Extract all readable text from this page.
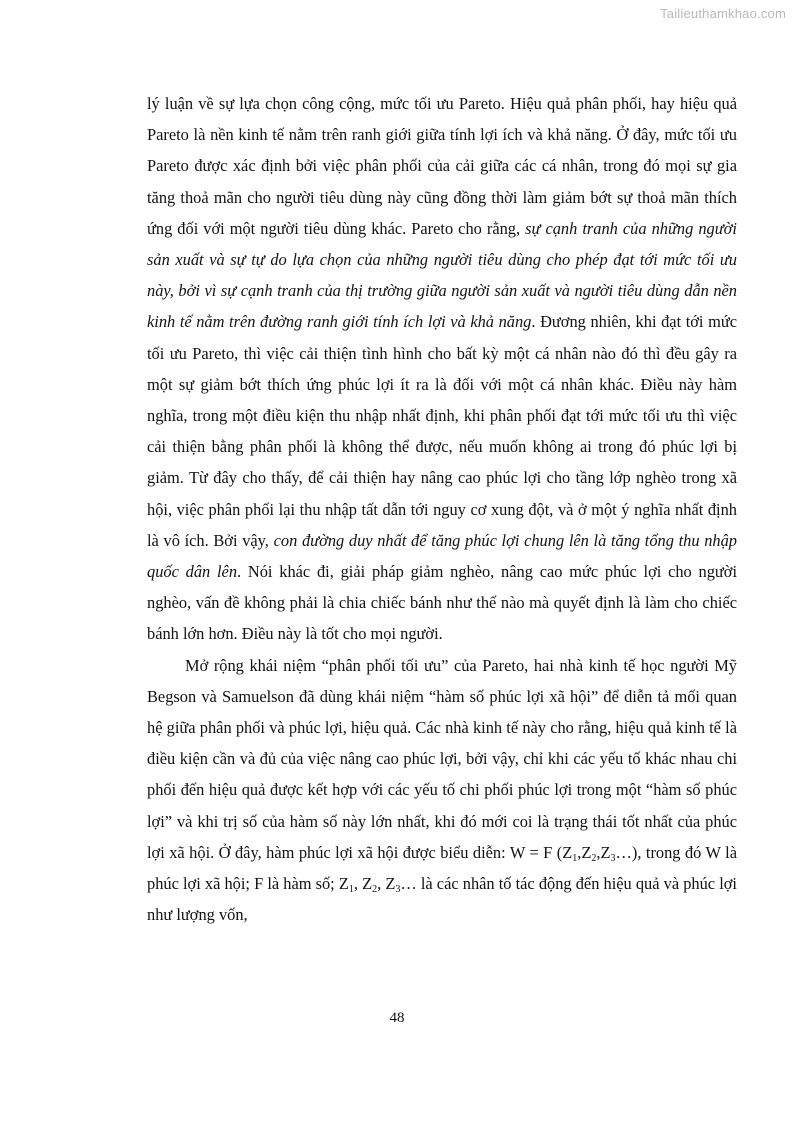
Tailieuthamkhao.com

lý luận về sự lựa chọn công cộng, mức tối ưu Pareto. Hiệu quả phân phối, hay hiệu quả Pareto là nền kinh tế nằm trên ranh giới giữa tính lợi ích và khả năng. Ở đây, mức tối ưu Pareto được xác định bởi việc phân phối của cải giữa các cá nhân, trong đó mọi sự gia tăng thoả mãn cho người tiêu dùng này cũng đồng thời làm giảm bớt sự thoả mãn thích ứng đối với một người tiêu dùng khác. Pareto cho rằng, sự cạnh tranh của những người sản xuất và sự tự do lựa chọn của những người tiêu dùng cho phép đạt tới mức tối ưu này, bởi vì sự cạnh tranh của thị trường giữa người sản xuất và người tiêu dùng dẫn nền kinh tế nằm trên đường ranh giới tính ích lợi và khả năng. Đương nhiên, khi đạt tới mức tối ưu Pareto, thì việc cải thiện tình hình cho bất kỳ một cá nhân nào đó thì đều gây ra một sự giảm bớt thích ứng phúc lợi ít ra là đối với một cá nhân khác. Điều này hàm nghĩa, trong một điều kiện thu nhập nhất định, khi phân phối đạt tới mức tối ưu thì việc cải thiện bằng phân phối là không thể được, nếu muốn không ai trong đó phúc lợi bị giảm. Từ đây cho thấy, để cải thiện hay nâng cao phúc lợi cho tầng lớp nghèo trong xã hội, việc phân phối lại thu nhập tất dẫn tới nguy cơ xung đột, và ở một ý nghĩa nhất định là vô ích. Bởi vậy, con đường duy nhất để tăng phúc lợi chung lên là tăng tổng thu nhập quốc dân lên. Nói khác đi, giải pháp giảm nghèo, nâng cao mức phúc lợi cho người nghèo, vấn đề không phải là chia chiếc bánh như thế nào mà quyết định là làm cho chiếc bánh lớn hơn. Điều này là tốt cho mọi người.

Mở rộng khái niệm “phân phối tối ưu” của Pareto, hai nhà kinh tế học người Mỹ Begson và Samuelson đã dùng khái niệm “hàm số phúc lợi xã hội” để diễn tả mối quan hệ giữa phân phối và phúc lợi, hiệu quả. Các nhà kinh tế này cho rằng, hiệu quả kinh tế là điều kiện cần và đủ của việc nâng cao phúc lợi, bởi vậy, chỉ khi các yếu tố khác nhau chi phối đến hiệu quả được kết hợp với các yếu tố chi phối phúc lợi trong một “hàm số phúc lợi” và khi trị số của hàm số này lớn nhất, khi đó mới coi là trạng thái tốt nhất của phúc lợi xã hội. Ở đây, hàm phúc lợi xã hội được biểu diễn: W = F $(Z_1,Z_2,Z_3\dots)$, trong đó W là phúc lợi xã hội; F là hàm số; $Z_1$, $Z_2$, $Z_3\dots$ là các nhân tố tác động đến hiệu quả và phúc lợi như lượng vốn,

48
